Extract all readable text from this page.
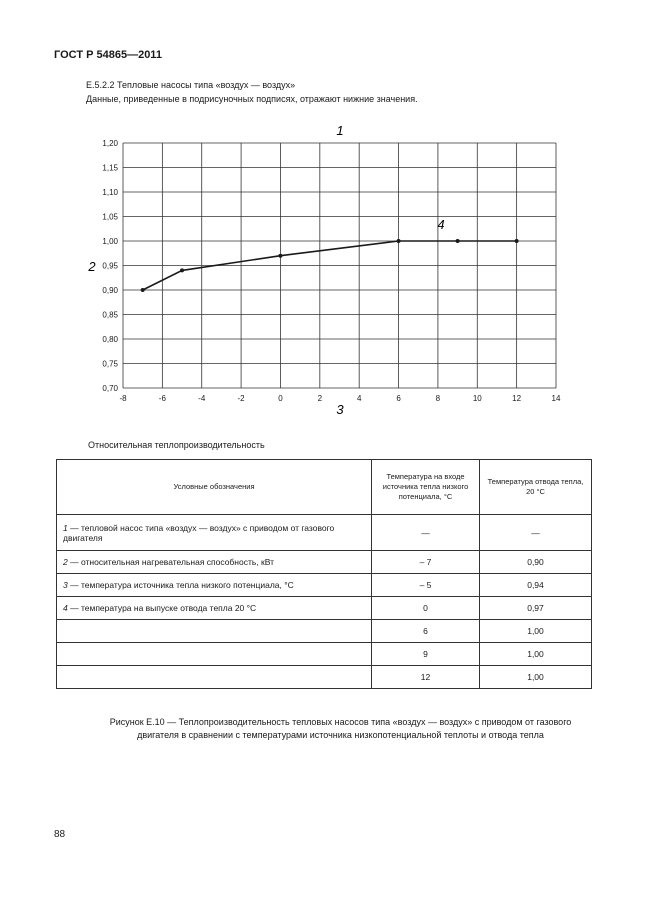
ГОСТ Р 54865—2011
Е.5.2.2 Тепловые насосы типа «воздух — воздух»
Данные, приведенные в подрисуночных подписях, отражают нижние значения.
-8	-6	-4	-2	0	2	4	6	8	10	12	14
0,70
0,75
0,80
0,85
0,90
0,95
1,00
1,05
1,10
1,15
1,20
1
2
3
4
Относительная теплопроизводительность
Условные обозначения	Температура на входе источника тепла низкого потенциала, °С	Температура отвода тепла, 20 °С
1 — тепловой насос типа «воздух — воздух» с приводом от газового двигателя	—	—
2 — относительная нагревательная способность, кВт	– 7	0,90
3 — температура источника тепла низкого потенциала, °С	– 5	0,94
4 — температура на выпуске отвода тепла 20 °С	0	0,97
	6	1,00
	9	1,00
	12	1,00
Рисунок Е.10 — Теплопроизводительность тепловых насосов типа «воздух — воздух» с приводом от газового двигателя в сравнении с температурами источника низкопотенциальной теплоты и отвода тепла
88
